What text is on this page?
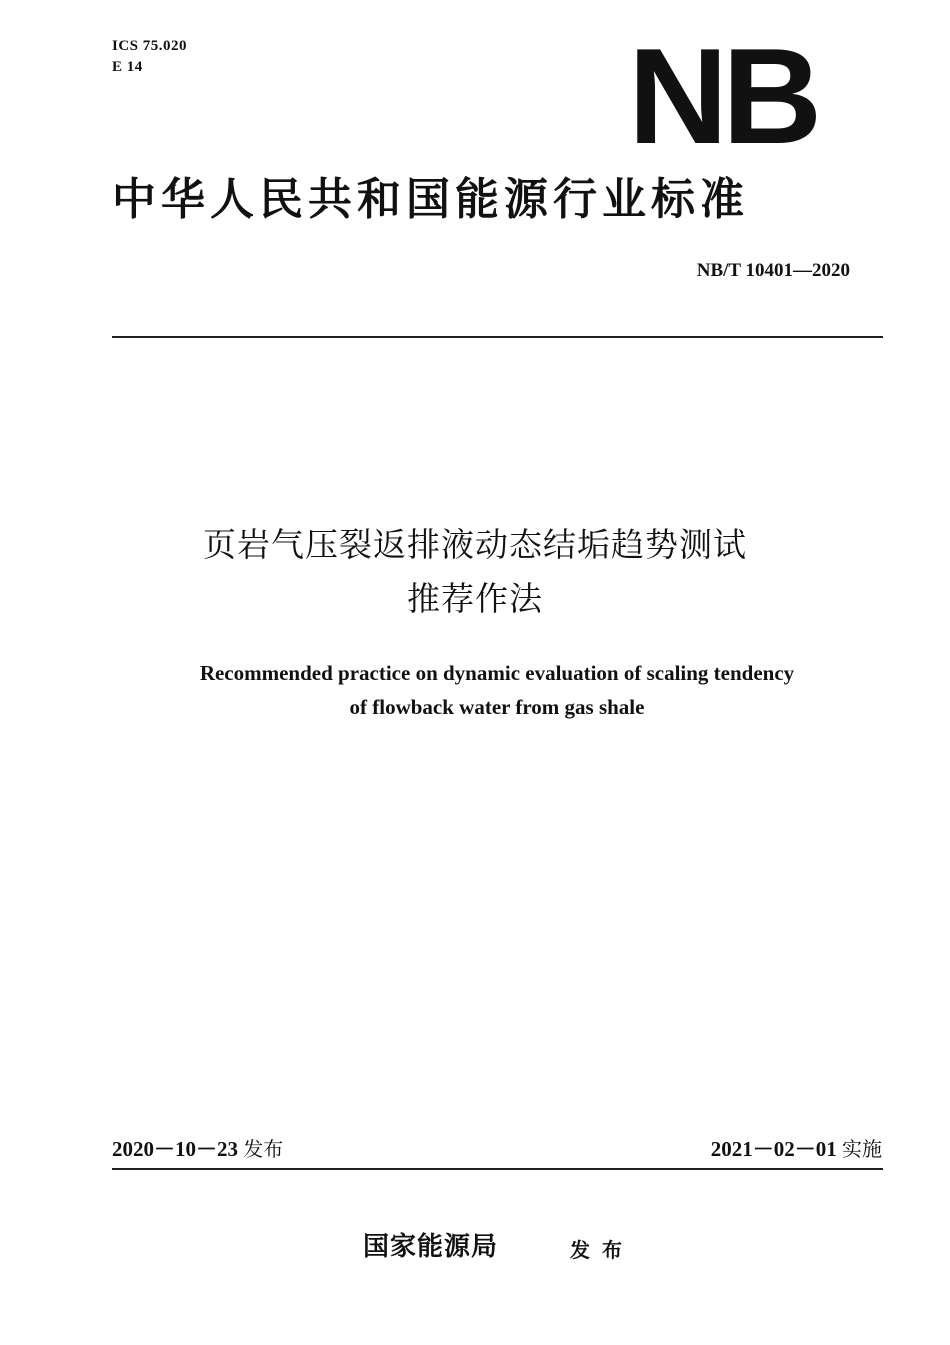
ICS 75.020
E 14	NB
中华人民共和国能源行业标准
NB/T 10401—2020
页岩气压裂返排液动态结垢趋势测试
推荐作法
Recommended practice on dynamic evaluation of scaling tendency
of flowback water from gas shale
2020－10－23 发布	2021－02－01 实施
国家能源局	发布
